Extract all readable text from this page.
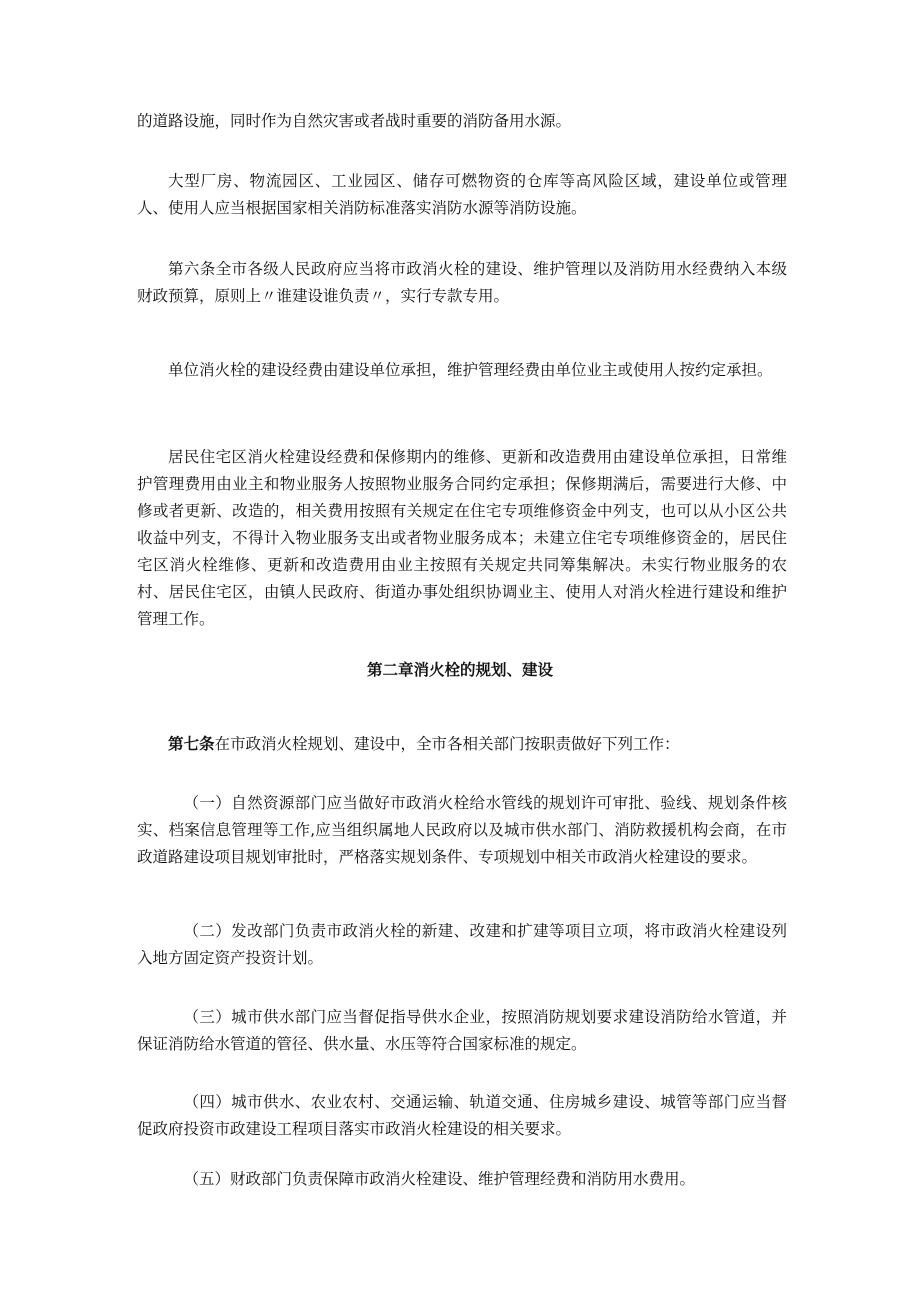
的道路设施，同时作为自然灾害或者战时重要的消防备用水源。

大型厂房、物流园区、工业园区、储存可燃物资的仓库等高风险区域，建设单位或管理人、使用人应当根据国家相关消防标准落实消防水源等消防设施。

第六条全市各级人民政府应当将市政消火栓的建设、维护管理以及消防用水经费纳入本级财政预算，原则上〃谁建设谁负责〃，实行专款专用。

单位消火栓的建设经费由建设单位承担，维护管理经费由单位业主或使用人按约定承担。

居民住宅区消火栓建设经费和保修期内的维修、更新和改造费用由建设单位承担，日常维护管理费用由业主和物业服务人按照物业服务合同约定承担；保修期满后，需要进行大修、中修或者更新、改造的，相关费用按照有关规定在住宅专项维修资金中列支，也可以从小区公共收益中列支，不得计入物业服务支出或者物业服务成本；未建立住宅专项维修资金的，居民住宅区消火栓维修、更新和改造费用由业主按照有关规定共同筹集解决。未实行物业服务的农村、居民住宅区，由镇人民政府、街道办事处组织协调业主、使用人对消火栓进行建设和维护管理工作。

第二章消火栓的规划、建设

第七条在市政消火栓规划、建设中，全市各相关部门按职责做好下列工作：

（一）自然资源部门应当做好市政消火栓给水管线的规划许可审批、验线、规划条件核实、档案信息管理等工作,应当组织属地人民政府以及城市供水部门、消防救援机构会商，在市政道路建设项目规划审批时，严格落实规划条件、专项规划中相关市政消火栓建设的要求。

（二）发改部门负责市政消火栓的新建、改建和扩建等项目立项，将市政消火栓建设列入地方固定资产投资计划。

（三）城市供水部门应当督促指导供水企业，按照消防规划要求建设消防给水管道，并保证消防给水管道的管径、供水量、水压等符合国家标准的规定。

（四）城市供水、农业农村、交通运输、轨道交通、住房城乡建设、城管等部门应当督促政府投资市政建设工程项目落实市政消火栓建设的相关要求。

（五）财政部门负责保障市政消火栓建设、维护管理经费和消防用水费用。
